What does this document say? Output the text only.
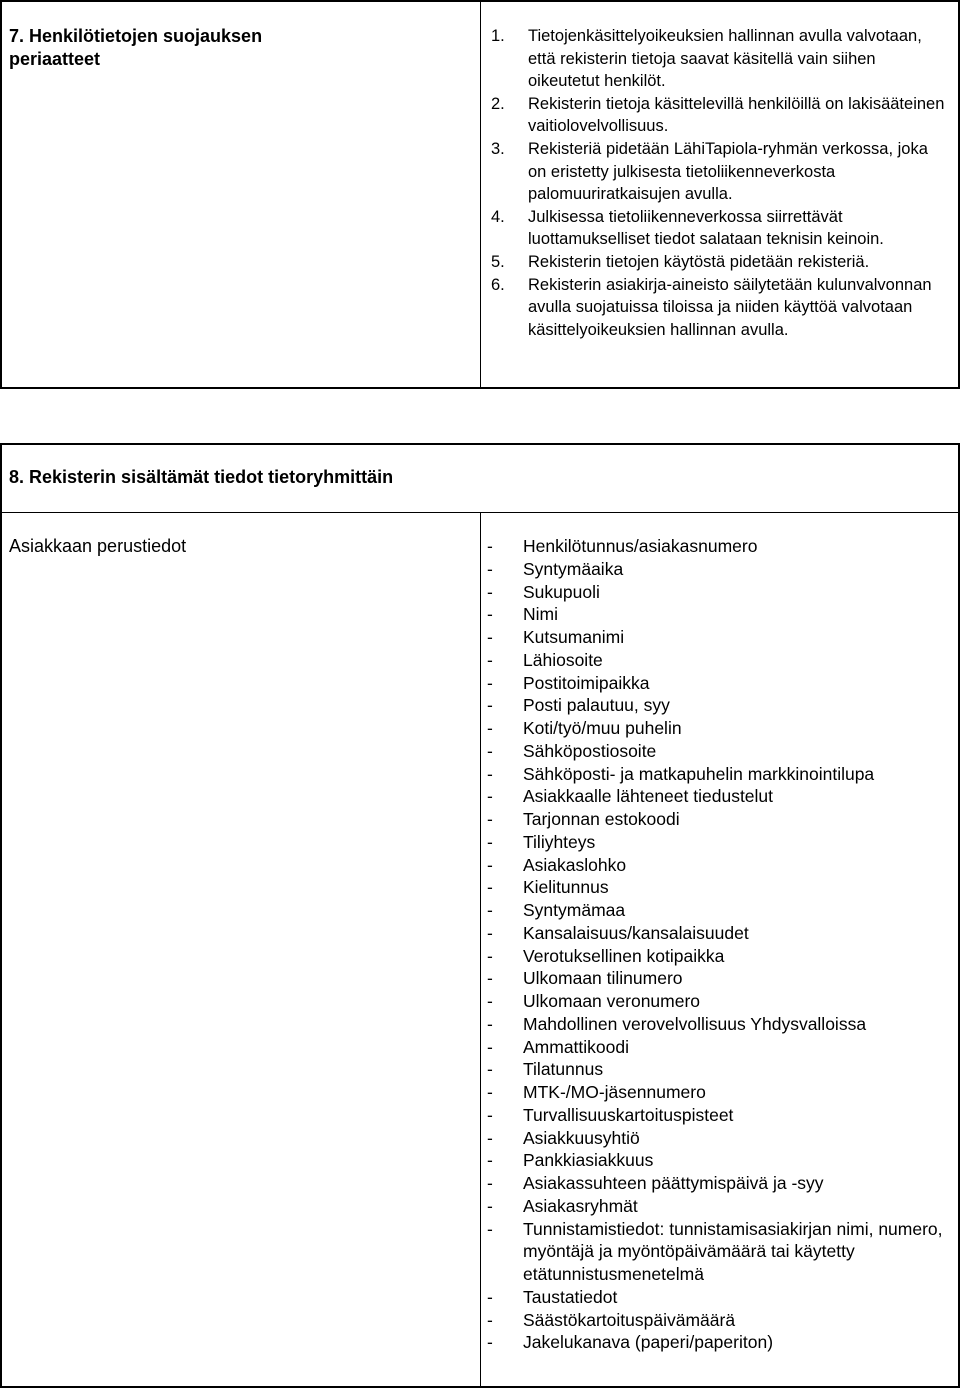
7. Henkilötietojen suojauksen periaatteet
1. Tietojenkäsittelyoikeuksien hallinnan avulla valvotaan, että rekisterin tietoja saavat käsitellä vain siihen oikeutetut henkilöt.
2. Rekisterin tietoja käsittelevillä henkilöillä on lakisääteinen vaitiolovelvollisuus.
3. Rekisteriä pidetään LähiTapiola-ryhmän verkossa, joka on eristetty julkisesta tietoliikenneverkosta palomuuriratkaisujen avulla.
4. Julkisessa tietoliikenneverkossa siirrettävät luottamukselliset tiedot salataan teknisin keinoin.
5. Rekisterin tietojen käytöstä pidetään rekisteriä.
6. Rekisterin asiakirja-aineisto säilytetään kulunvalvonnan avulla suojatuissa tiloissa ja niiden käyttöä valvotaan käsittelyoikeuksien hallinnan avulla.
8. Rekisterin sisältämät tiedot tietoryhmittäin
Asiakkaan perustiedot	- Henkilötunnus/asiakasnumero
- Syntymäaika
- Sukupuoli
- Nimi
- Kutsumanimi
- Lähiosoite
- Postitoimipaikka
- Posti palautuu, syy
- Koti/työ/muu puhelin
- Sähköpostiosoite
- Sähköposti- ja matkapuhelin markkinointilupa
- Asiakkaalle lähteneet tiedustelut
- Tarjonnan estokoodi
- Tiliyhteys
- Asiakaslohko
- Kielitunnus
- Syntymämaa
- Kansalaisuus/kansalaisuudet
- Verotuksellinen kotipaikka
- Ulkomaan tilinumero
- Ulkomaan veronumero
- Mahdollinen verovelvollisuus Yhdysvalloissa
- Ammattikoodi
- Tilatunnus
- MTK-/MO-jäsennumero
- Turvallisuuskartoituspisteet
- Asiakkuusyhtiö
- Pankkiasiakkuus
- Asiakassuhteen päättymispäivä ja -syy
- Asiakasryhmät
- Tunnistamistiedot: tunnistamisasiakirjan nimi, numero, myöntäjä ja myöntöpäivämäärä tai käytetty etätunnistusmenetelmä
- Taustatiedot
- Säästökartoituspäivämäärä
- Jakelukanava (paperi/paperiton)
